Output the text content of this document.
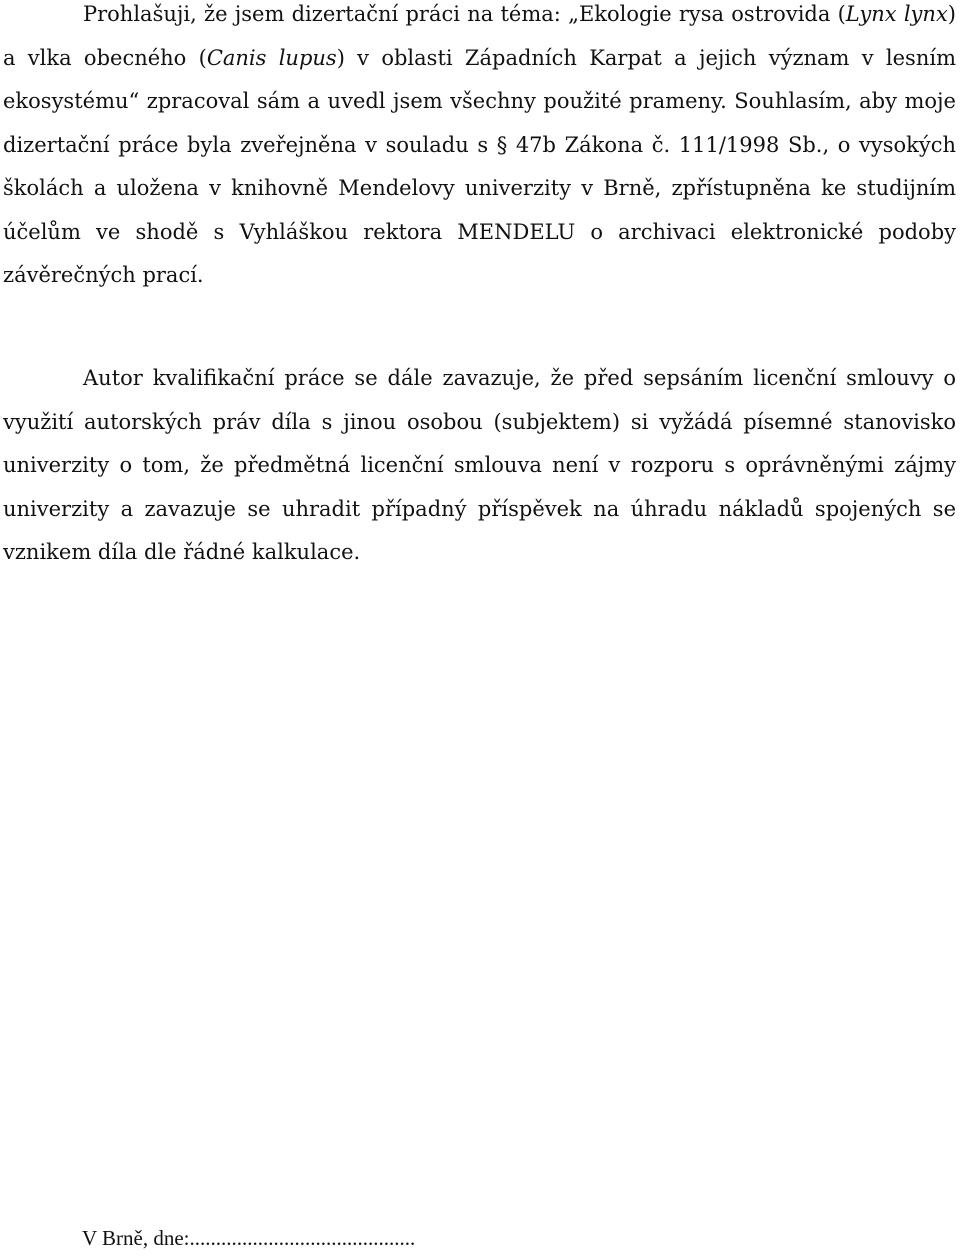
Prohlašuji, že jsem dizertační práci na téma: „Ekologie rysa ostrovida (Lynx lynx) a vlka obecného (Canis lupus) v oblasti Západních Karpat a jejich význam v lesním ekosystému“ zpracoval sám a uvedl jsem všechny použité prameny. Souhlasím, aby moje dizertační práce byla zveřejněna v souladu s § 47b Zákona č. 111/1998 Sb., o vysokých školách a uložena v knihovně Mendelovy univerzity v Brně, zpřístupněna ke studijním účelům ve shodě s Vyhláškou rektora MENDELU o archivaci elektronické podoby závěrečných prací.

Autor kvalifikační práce se dále zavazuje, že před sepsáním licenční smlouvy o využití autorských práv díla s jinou osobou (subjektem) si vyžádá písemné stanovisko univerzity o tom, že předmětná licenční smlouva není v rozporu s oprávněnými zájmy univerzity a zavazuje se uhradit případný příspěvek na úhradu nákladů spojených se vznikem díla dle řádné kalkulace.

V Brně, dne:...........................................
